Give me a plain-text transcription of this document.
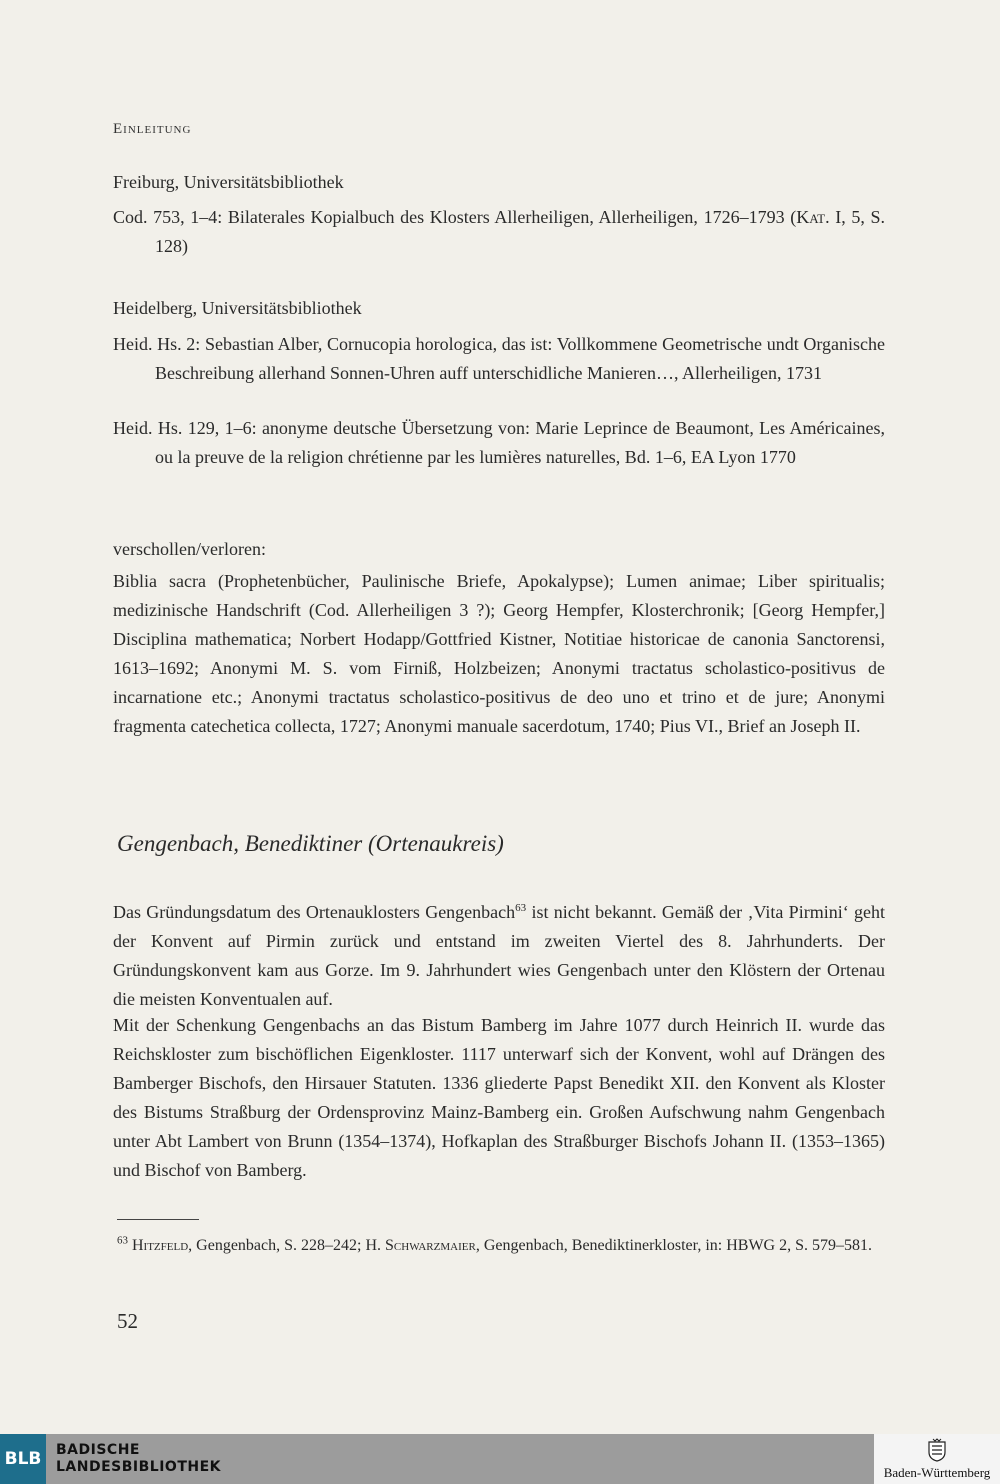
Einleitung
Freiburg, Universitätsbibliothek
Cod. 753, 1–4: Bilaterales Kopialbuch des Klosters Allerheiligen, Allerheiligen, 1726–1793 (Kat. I, 5, S. 128)
Heidelberg, Universitätsbibliothek
Heid. Hs. 2: Sebastian Alber, Cornucopia horologica, das ist: Vollkommene Geometrische undt Organische Beschreibung allerhand Sonnen-Uhren auff unterschidliche Manieren…, Allerheiligen, 1731
Heid. Hs. 129, 1–6: anonyme deutsche Übersetzung von: Marie Leprince de Beaumont, Les Américaines, ou la preuve de la religion chrétienne par les lumières naturelles, Bd. 1–6, EA Lyon 1770
verschollen/verloren:
Biblia sacra (Prophetenbücher, Paulinische Briefe, Apokalypse); Lumen animae; Liber spiritualis; medizinische Handschrift (Cod. Allerheiligen 3 ?); Georg Hempfer, Klosterchronik; [Georg Hempfer,] Disciplina mathematica; Norbert Hodapp/Gottfried Kistner, Notitiae historicae de canonia Sanctorensi, 1613–1692; Anonymi M. S. vom Firniß, Holzbeizen; Anonymi tractatus scholastico-positivus de incarnatione etc.; Anonymi tractatus scholastico-positivus de deo uno et trino et de jure; Anonymi fragmenta catechetica collecta, 1727; Anonymi manuale sacerdotum, 1740; Pius VI., Brief an Joseph II.
Gengenbach, Benediktiner (Ortenaukreis)
Das Gründungsdatum des Ortenauklosters Gengenbach$^{63}$ ist nicht bekannt. Gemäß der ‚Vita Pirmini‘ geht der Konvent auf Pirmin zurück und entstand im zweiten Viertel des 8. Jahrhunderts. Der Gründungskonvent kam aus Gorze. Im 9. Jahrhundert wies Gengenbach unter den Klöstern der Ortenau die meisten Konventualen auf.
Mit der Schenkung Gengenbachs an das Bistum Bamberg im Jahre 1077 durch Heinrich II. wurde das Reichskloster zum bischöflichen Eigenkloster. 1117 unterwarf sich der Konvent, wohl auf Drängen des Bamberger Bischofs, den Hirsauer Statuten. 1336 gliederte Papst Benedikt XII. den Konvent als Kloster des Bistums Straßburg der Ordensprovinz Mainz-Bamberg ein. Großen Aufschwung nahm Gengenbach unter Abt Lambert von Brunn (1354–1374), Hofkaplan des Straßburger Bischofs Johann II. (1353–1365) und Bischof von Bamberg.
$^{63}$ Hitzfeld, Gengenbach, S. 228–242; H. Schwarzmaier, Gengenbach, Benediktinerkloster, in: HBWG 2, S. 579–581.
52
BLB BADISCHE
LANDESBIBLIOTHEK	Baden-Württemberg
